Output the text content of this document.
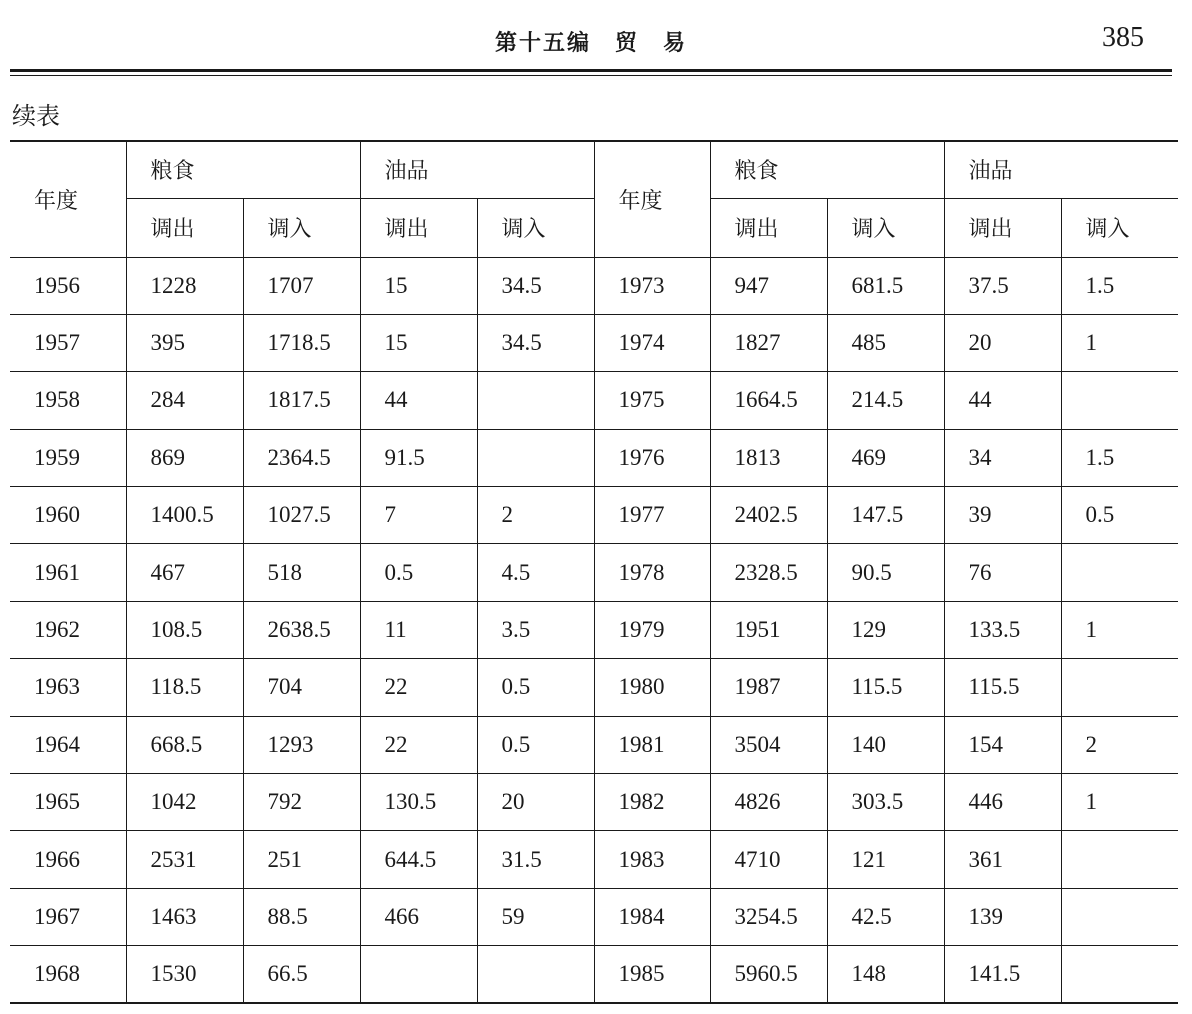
第十五编　贸　易	385
续表
年度	粮食		油品		年度	粮食		油品	
	调出	调入	调出	调入		调出	调入	调出	调入
1956	1228	1707	15	34.5	1973	947	681.5	37.5	1.5
1957	395	1718.5	15	34.5	1974	1827	485	20	1
1958	284	1817.5	44		1975	1664.5	214.5	44	
1959	869	2364.5	91.5		1976	1813	469	34	1.5
1960	1400.5	1027.5	7	2	1977	2402.5	147.5	39	0.5
1961	467	518	0.5	4.5	1978	2328.5	90.5	76	
1962	108.5	2638.5	11	3.5	1979	1951	129	133.5	1
1963	118.5	704	22	0.5	1980	1987	115.5	115.5	
1964	668.5	1293	22	0.5	1981	3504	140	154	2
1965	1042	792	130.5	20	1982	4826	303.5	446	1
1966	2531	251	644.5	31.5	1983	4710	121	361	
1967	1463	88.5	466	59	1984	3254.5	42.5	139	
1968	1530	66.5			1985	5960.5	148	141.5	
